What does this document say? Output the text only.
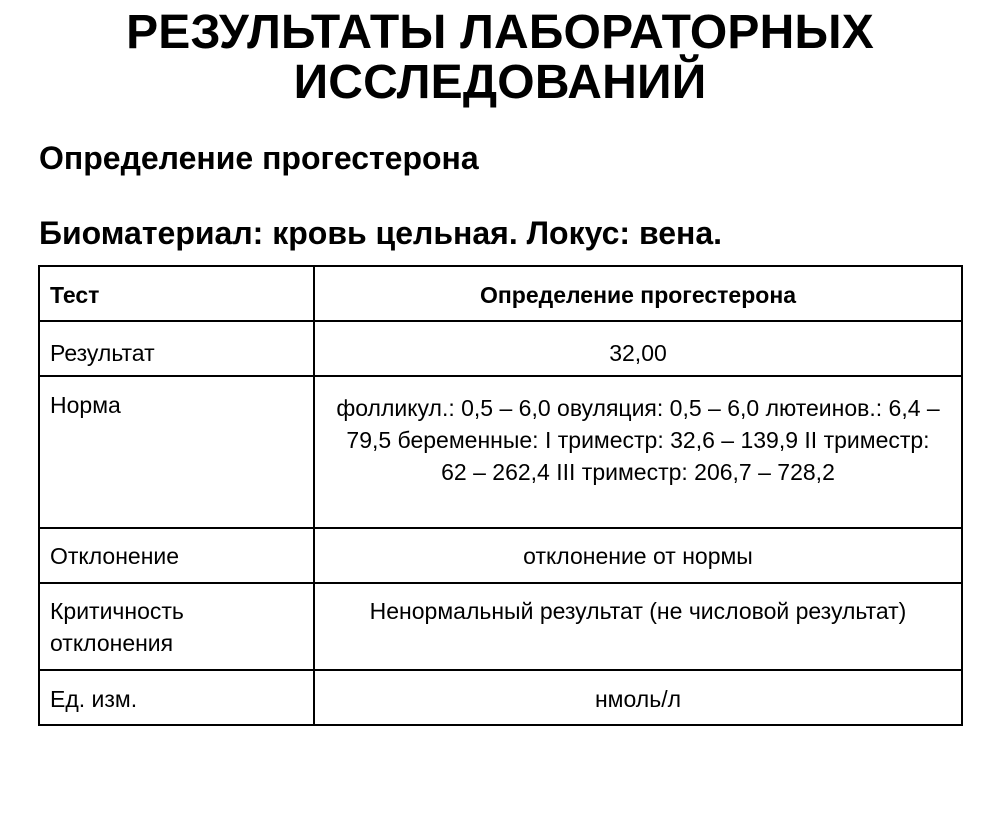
РЕЗУЛЬТАТЫ ЛАБОРАТОРНЫХ
ИССЛЕДОВАНИЙ
Определение прогестерона
Биоматериал: кровь цельная. Локус: вена.
Тест	Определение прогестерона
Результат	32,00
Норма	фолликул.: 0,5 – 6,0 овуляция: 0,5 – 6,0 лютеинов.: 6,4 – 79,5 беременные: I триместр: 32,6 – 139,9 II триместр: 62 – 262,4 III триместр: 206,7 – 728,2
Отклонение	отклонение от нормы
Критичность отклонения	Ненормальный результат (не числовой результат)
Ед. изм.	нмоль/л
